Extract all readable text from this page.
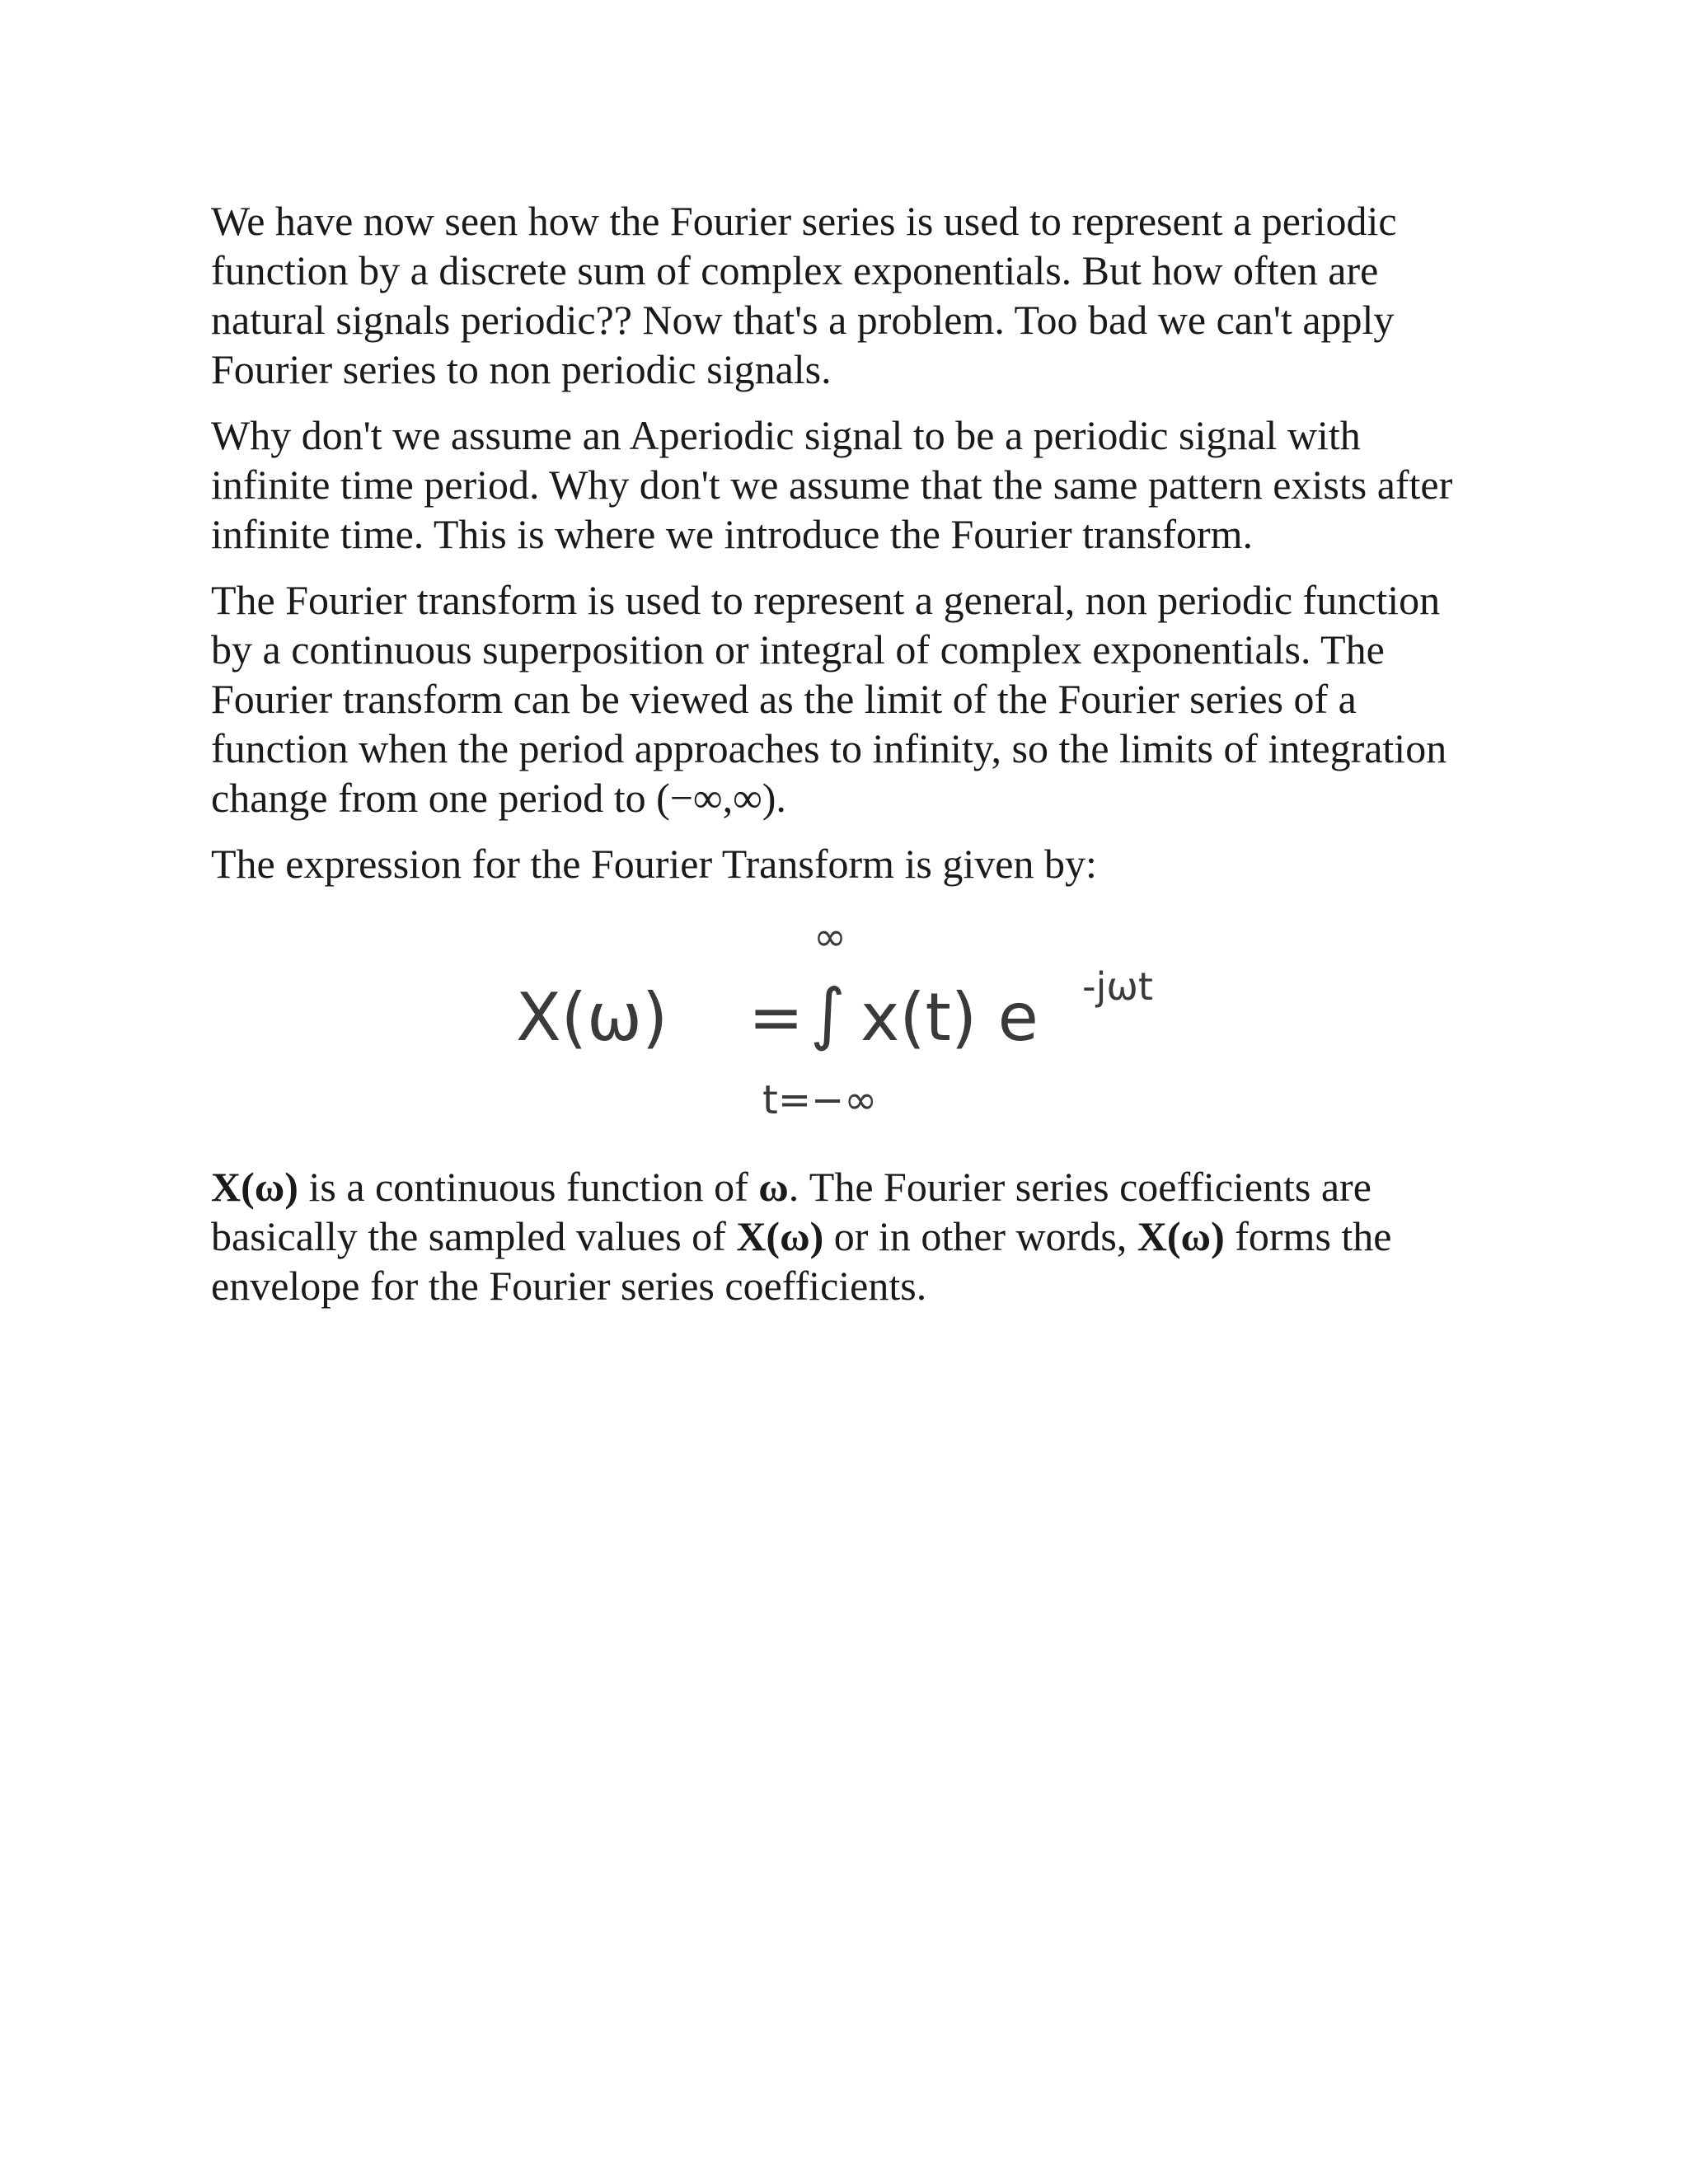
We have now seen how the Fourier series is used to represent a periodic
function by a discrete sum of complex exponentials. But how often are
natural signals periodic?? Now that's a problem. Too bad we can't apply
Fourier series to non periodic signals.

Why don't we assume an Aperiodic signal to be a periodic signal with
infinite time period. Why don't we assume that the same pattern exists after
infinite time. This is where we introduce the Fourier transform.

The Fourier transform is used to represent a general, non periodic function
by a continuous superposition or integral of complex exponentials. The
Fourier transform can be viewed as the limit of the Fourier series of a
function when the period approaches to infinity, so the limits of integration
change from one period to (−∞,∞).

The expression for the Fourier Transform is given by:

∞
X(ω) = ∫ x(t) e -jωt
t=−∞

X(ω) is a continuous function of ω. The Fourier series coefficients are
basically the sampled values of X(ω) or in other words, X(ω) forms the
envelope for the Fourier series coefficients.
